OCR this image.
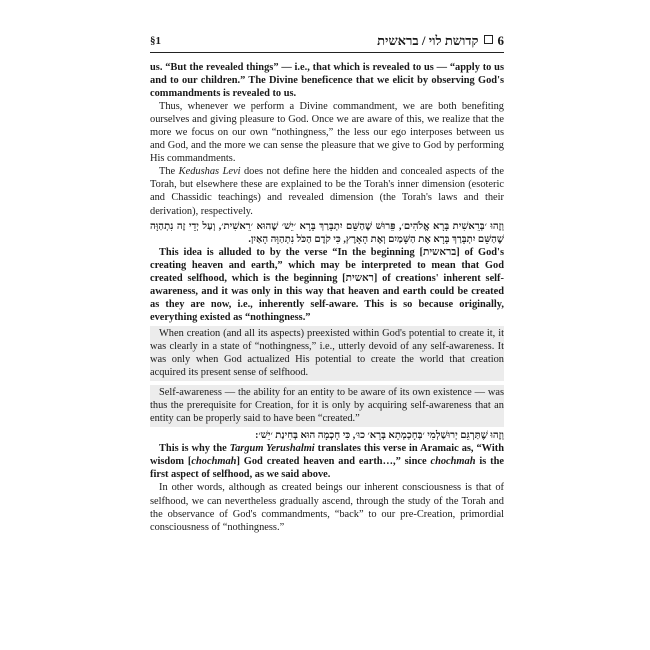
§1	6קדושת לוי / בראשית

us. “But the revealed things” — i.e., that which is revealed to us — “apply to us and to our children.” The Divine beneficence that we elicit by observing God's commandments is revealed to us.

Thus, whenever we perform a Divine commandment, we are both benefiting ourselves and giving pleasure to God. Once we are aware of this, we realize that the more we focus on our own “nothingness,” the less our ego interposes between us and God, and the more we can sense the pleasure that we give to God by performing His commandments.

The Kedushas Levi does not define here the hidden and concealed aspects of the Torah, but elsewhere these are explained to be the Torah's inner dimension (esoteric and Chassidic teachings) and revealed dimension (the Torah's laws and their derivation), respectively.

וְזֶהוּ ׳בְּרֵאשִׁית בָּרָא אֱלֹהִים׳, פֵּרוּשׁ שֶׁהַשֵּׁם יִתְבָּרַךְ בָּרָא ׳יֵשׁ׳ שֶׁהוּא ׳רֵאשִׁית׳, וְעַל יְדֵי זֶה נִתְהַוָּה שֶׁהַשֵּׁם יִתְבָּרַךְ בָּרָא אֶת הַשָּׁמַיִם וְאֶת הָאָרֶץ, כִּי קֹדֶם הַכֹּל נִתְהַוָּה הָאַיִן.

This idea is alluded to by the verse “In the beginning [בראשית] of God's creating heaven and earth,” which may be interpreted to mean that God created selfhood, which is the beginning [ראשית] of creations' inherent self-awareness, and it was only in this way that heaven and earth could be created as they are now, i.e., inherently self-aware. This is so because originally, everything existed as “nothingness.”

When creation (and all its aspects) preexisted within God's potential to create it, it was clearly in a state of “nothingness,” i.e., utterly devoid of any self-awareness. It was only when God actualized His potential to create the world that creation acquired its present sense of selfhood.

Self-awareness — the ability for an entity to be aware of its own existence — was thus the prerequisite for Creation, for it is only by acquiring self-awareness that an entity can be properly said to have been “created.”

וְזֶהוּ שֶׁתַּרְגֵּם יְרוּשַׁלְמִי ׳בְּחָכְמְתָא בְּרָא׳ כוּ׳, כִּי חָכְמָה הוּא בְּחִינַת ׳יֵשׁ׳:

This is why the Targum Yerushalmi translates this verse in Aramaic as, “With wisdom [chochmah] God created heaven and earth…,” since chochmah is the first aspect of selfhood, as we said above.

In other words, although as created beings our inherent consciousness is that of selfhood, we can nevertheless gradually ascend, through the study of the Torah and the observance of God's commandments, “back” to our pre-Creation, primordial consciousness of “nothingness.”
